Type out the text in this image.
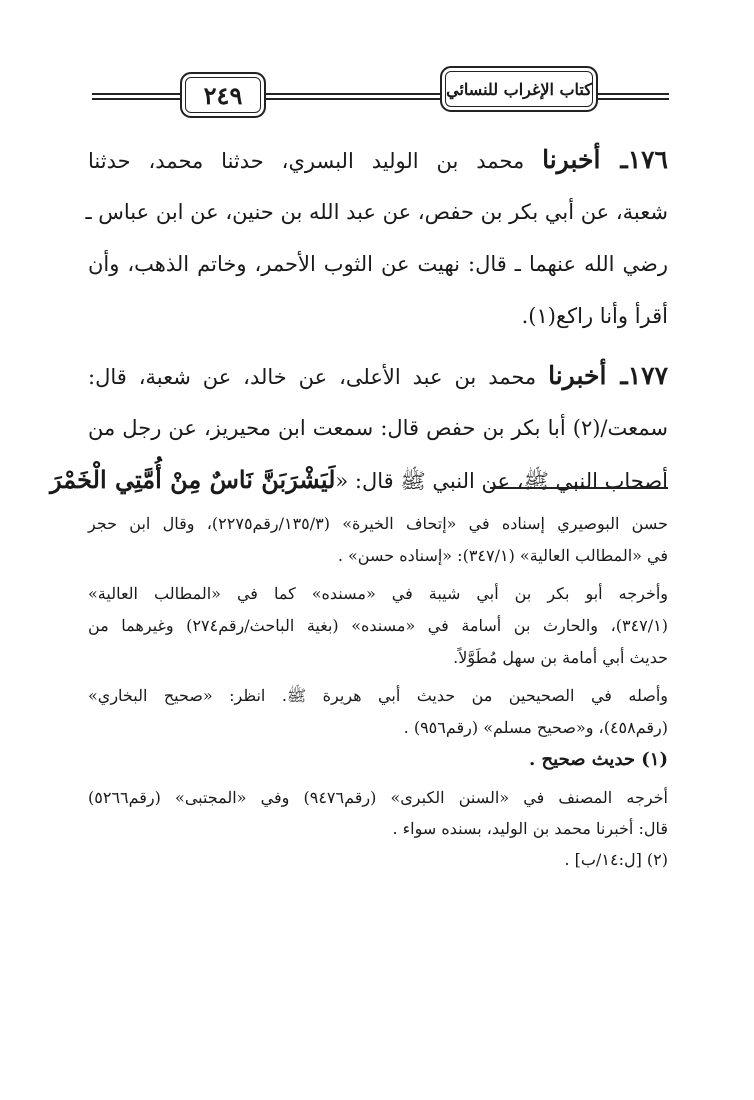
٢٤٩	كتاب الإغراب للنسائي
١٧٦ـ أخبرنا محمد بن الوليد البسري، حدثنا محمد، حدثنا
شعبة، عن أبي بكر بن حفص، عن عبد الله بن حنين، عن ابن عباس ـ
رضي الله عنهما ـ قال: نهيت عن الثوب الأحمر، وخاتم الذهب، وأن
أقرأ وأنا راكع(١).
١٧٧ـ أخبرنا محمد بن عبد الأعلى، عن خالد، عن شعبة، قال:
سمعت/(٢) أبا بكر بن حفص قال: سمعت ابن محيريز، عن رجل من
أصحاب النبي ﷺ، عن النبي ﷺ قال: «لَيَشْرَبَنَّ نَاسٌ مِنْ أُمَّتِي الْخَمْرَ
حسن البوصيري إسناده في «إتحاف الخيرة» (١٣٥/٣/رقم٢٢٧٥)، وقال ابن حجر
في «المطالب العالية» (٣٤٧/١): «إسناده حسن» .
وأخرجه أبو بكر بن أبي شيبة في «مسنده» كما في «المطالب العالية»
(٣٤٧/١)، والحارث بن أسامة في «مسنده» (بغية الباحث/رقم٢٧٤) وغيرهما من
حديث أبي أمامة بن سهل مُطَوَّلاً.
وأصله في الصحيحين من حديث أبي هريرة ﷺ. انظر: «صحيح البخاري»
(رقم٤٥٨)، و«صحيح مسلم» (رقم٩٥٦) .
(١) حديث صحيح .
أخرجه المصنف في «السنن الكبرى» (رقم٩٤٧٦) وفي «المجتبى» (رقم٥٢٦٦)
قال: أخبرنا محمد بن الوليد، بسنده سواء .
(٢) [ل:١٤/ب] .
